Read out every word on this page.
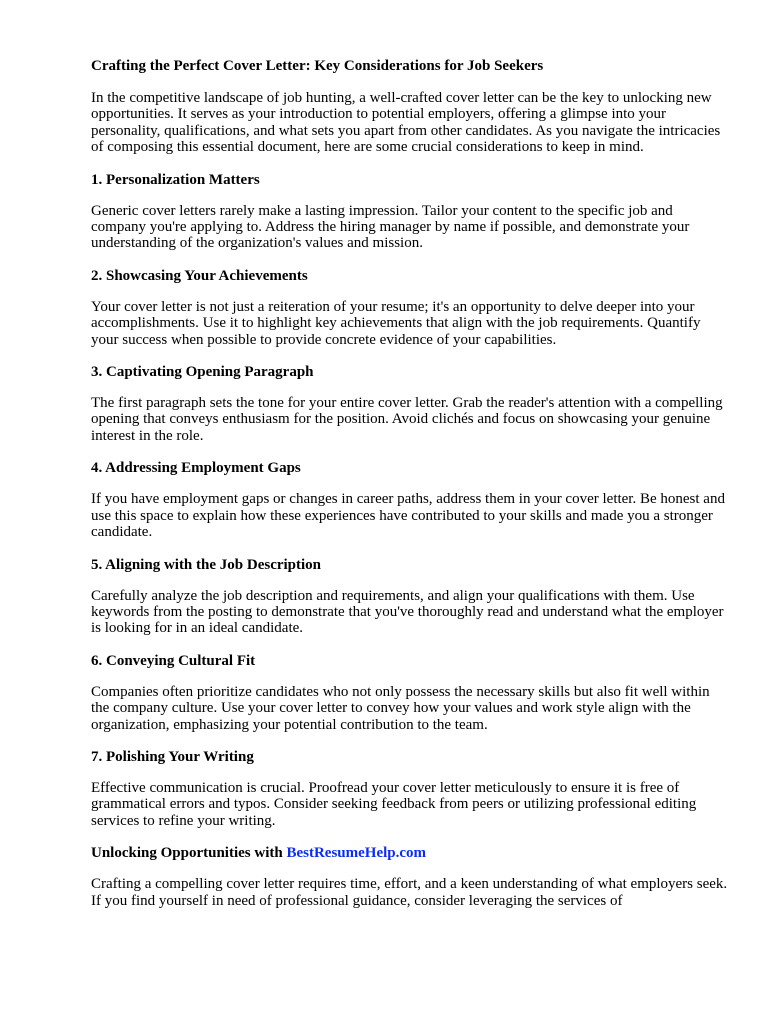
Crafting the Perfect Cover Letter: Key Considerations for Job Seekers
In the competitive landscape of job hunting, a well-crafted cover letter can be the key to unlocking new opportunities. It serves as your introduction to potential employers, offering a glimpse into your personality, qualifications, and what sets you apart from other candidates. As you navigate the intricacies of composing this essential document, here are some crucial considerations to keep in mind.
1. Personalization Matters
Generic cover letters rarely make a lasting impression. Tailor your content to the specific job and company you're applying to. Address the hiring manager by name if possible, and demonstrate your understanding of the organization's values and mission.
2. Showcasing Your Achievements
Your cover letter is not just a reiteration of your resume; it's an opportunity to delve deeper into your accomplishments. Use it to highlight key achievements that align with the job requirements. Quantify your success when possible to provide concrete evidence of your capabilities.
3. Captivating Opening Paragraph
The first paragraph sets the tone for your entire cover letter. Grab the reader's attention with a compelling opening that conveys enthusiasm for the position. Avoid clichés and focus on showcasing your genuine interest in the role.
4. Addressing Employment Gaps
If you have employment gaps or changes in career paths, address them in your cover letter. Be honest and use this space to explain how these experiences have contributed to your skills and made you a stronger candidate.
5. Aligning with the Job Description
Carefully analyze the job description and requirements, and align your qualifications with them. Use keywords from the posting to demonstrate that you've thoroughly read and understand what the employer is looking for in an ideal candidate.
6. Conveying Cultural Fit
Companies often prioritize candidates who not only possess the necessary skills but also fit well within the company culture. Use your cover letter to convey how your values and work style align with the organization, emphasizing your potential contribution to the team.
7. Polishing Your Writing
Effective communication is crucial. Proofread your cover letter meticulously to ensure it is free of grammatical errors and typos. Consider seeking feedback from peers or utilizing professional editing services to refine your writing.
Unlocking Opportunities with BestResumeHelp.com
Crafting a compelling cover letter requires time, effort, and a keen understanding of what employers seek. If you find yourself in need of professional guidance, consider leveraging the services of
